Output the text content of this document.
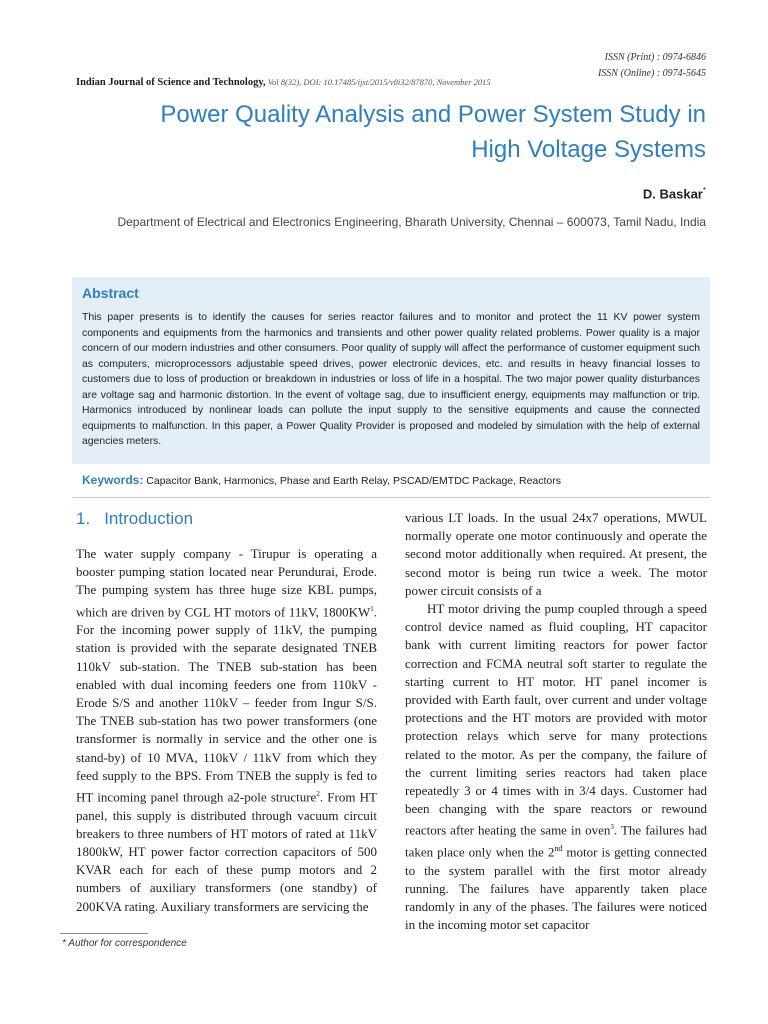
Indian Journal of Science and Technology, Vol 8(32), DOI: 10.17485/ijst/2015/v8i32/87870, November 2015
ISSN (Print) : 0974-6846
ISSN (Online) : 0974-5645
Power Quality Analysis and Power System Study in
High Voltage Systems
D. Baskar*
Department of Electrical and Electronics Engineering, Bharath University, Chennai – 600073, Tamil Nadu, India
Abstract
This paper presents is to identify the causes for series reactor failures and to monitor and protect the 11 KV power system components and equipments from the harmonics and transients and other power quality related problems. Power quality is a major concern of our modern industries and other consumers. Poor quality of supply will affect the performance of customer equipment such as computers, microprocessors adjustable speed drives, power electronic devices, etc. and results in heavy financial losses to customers due to loss of production or breakdown in industries or loss of life in a hospital. The two major power quality disturbances are voltage sag and harmonic distortion. In the event of voltage sag, due to insufficient energy, equipments may malfunction or trip. Harmonics introduced by nonlinear loads can pollute the input supply to the sensitive equipments and cause the connected equipments to malfunction. In this paper, a Power Quality Provider is proposed and modeled by simulation with the help of external agencies meters.
Keywords: Capacitor Bank, Harmonics, Phase and Earth Relay, PSCAD/EMTDC Package, Reactors
1. Introduction

The water supply company - Tirupur is operating a booster pumping station located near Perundurai, Erode. The pumping system has three huge size KBL pumps, which are driven by CGL HT motors of 11kV, $1800KW^1$. For the incoming power supply of 11kV, the pumping station is provided with the separate designated TNEB 110kV sub-station. The TNEB sub-station has been enabled with dual incoming feeders one from 110kV - Erode S/S and another 110kV – feeder from Ingur S/S. The TNEB sub-station has two power transformers (one transformer is normally in service and the other one is stand-by) of 10 MVA, 110kV / 11kV from which they feed supply to the BPS. From TNEB the supply is fed to HT incoming panel through a2-pole structure$^2$. From HT panel, this supply is distributed through vacuum circuit breakers to three numbers of HT motors of rated at 11kV 1800kW, HT power factor correction capacitors of 500 KVAR each for each of these pump motors and 2 numbers of auxiliary transformers (one standby) of 200KVA rating. Auxiliary transformers are servicing the

various LT loads. In the usual 24x7 operations, MWUL normally operate one motor continuously and operate the second motor additionally when required. At present, the second motor is being run twice a week. The motor power circuit consists of a

HT motor driving the pump coupled through a speed control device named as fluid coupling, HT capacitor bank with current limiting reactors for power factor correction and FCMA neutral soft starter to regulate the starting current to HT motor. HT panel incomer is provided with Earth fault, over current and under voltage protections and the HT motors are provided with motor protection relays which serve for many protections related to the motor. As per the company, the failure of the current limiting series reactors had taken place repeatedly 3 or 4 times with in 3/4 days. Customer had been changing with the spare reactors or rewound reactors after heating the same in oven$^3$. The failures had taken place only when the 2nd motor is getting connected to the system parallel with the first motor already running. The failures have apparently taken place randomly in any of the phases. The failures were noticed in the incoming motor set capacitor

* Author for correspondence
